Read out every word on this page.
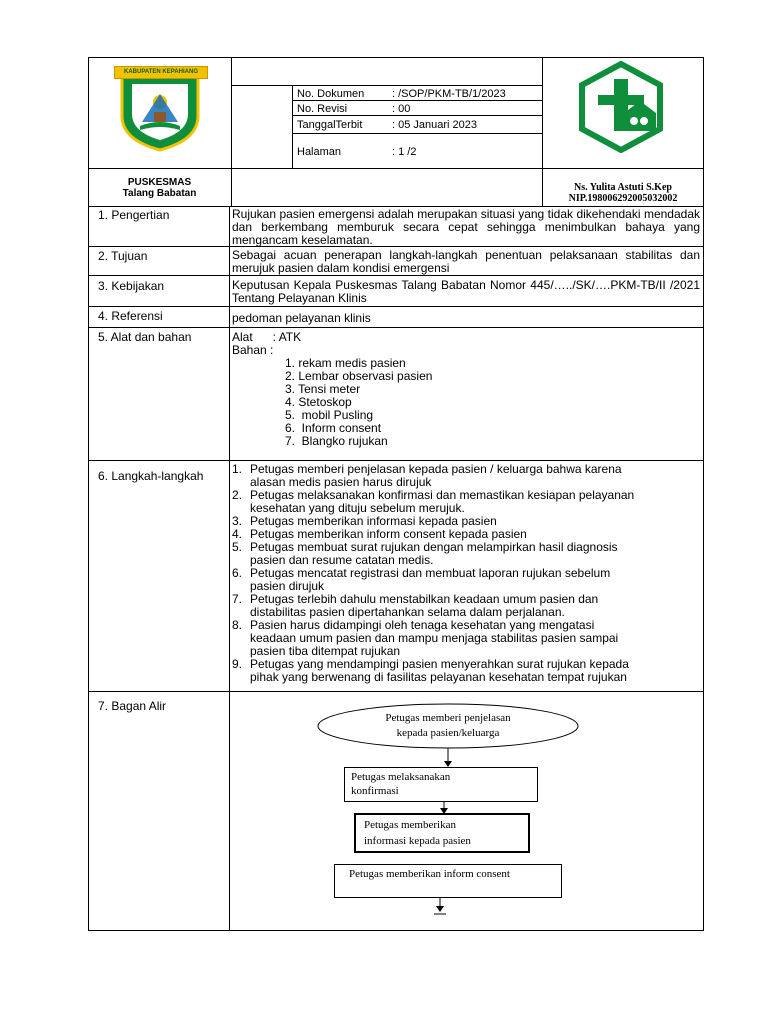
KABUPATEN KEPAHIANG
No. Dokumen	: /SOP/PKM-TB/1/2023
No. Revisi	: 00
TanggalTerbit	: 05 Januari 2023
Halaman	: 1 /2
PUSKESMAS
Talang Babatan
Ns. Yulita Astuti S.Kep
NIP.198006292005032002
1. Pengertian	Rujukan pasien emergensi adalah merupakan situasi yang tidak dikehendaki mendadak dan berkembang memburuk secara cepat sehingga menimbulkan bahaya yang mengancam keselamatan.
2. Tujuan	Sebagai acuan penerapan langkah-langkah penentuan pelaksanaan stabilitas dan merujuk pasien dalam kondisi emergensi
3. Kebijakan	Keputusan Kepala Puskesmas Talang Babatan Nomor 445/…../SK/….PKM-TB/II /2021 Tentang Pelayanan Klinis
4. Referensi	pedoman pelayanan klinis
5. Alat dan bahan	Alat      : ATK
Bahan :
1. rekam medis pasien
2. Lembar observasi pasien
3. Tensi meter
4. Stetoskop
5.  mobil Pusling
6.  Inform consent
7.  Blangko rujukan
6. Langkah-langkah 1. Petugas memberi penjelasan kepada pasien / keluarga bahwa karena
alasan medis pasien harus dirujuk
2. Petugas melaksanakan konfirmasi dan memastikan kesiapan pelayanan
kesehatan yang dituju sebelum merujuk.
3. Petugas memberikan informasi kepada pasien
4. Petugas memberikan inform consent kepada pasien
5. Petugas membuat surat rujukan dengan melampirkan hasil diagnosis
pasien dan resume catatan medis.
6. Petugas mencatat registrasi dan membuat laporan rujukan sebelum
pasien dirujuk
7. Petugas terlebih dahulu menstabilkan keadaan umum pasien dan
distabilitas pasien dipertahankan selama dalam perjalanan.
8. Pasien harus didampingi oleh tenaga kesehatan yang mengatasi
keadaan umum pasien dan mampu menjaga stabilitas pasien sampai
pasien tiba ditempat rujukan
9. Petugas yang mendampingi pasien menyerahkan surat rujukan kepada
pihak yang berwenang di fasilitas pelayanan kesehatan tempat rujukan
7. Bagan Alir
Petugas memberi penjelasan
kepada pasien/keluarga
Petugas melaksanakan
konfirmasi
Petugas memberikan
informasi kepada pasien
Petugas memberikan inform consent
